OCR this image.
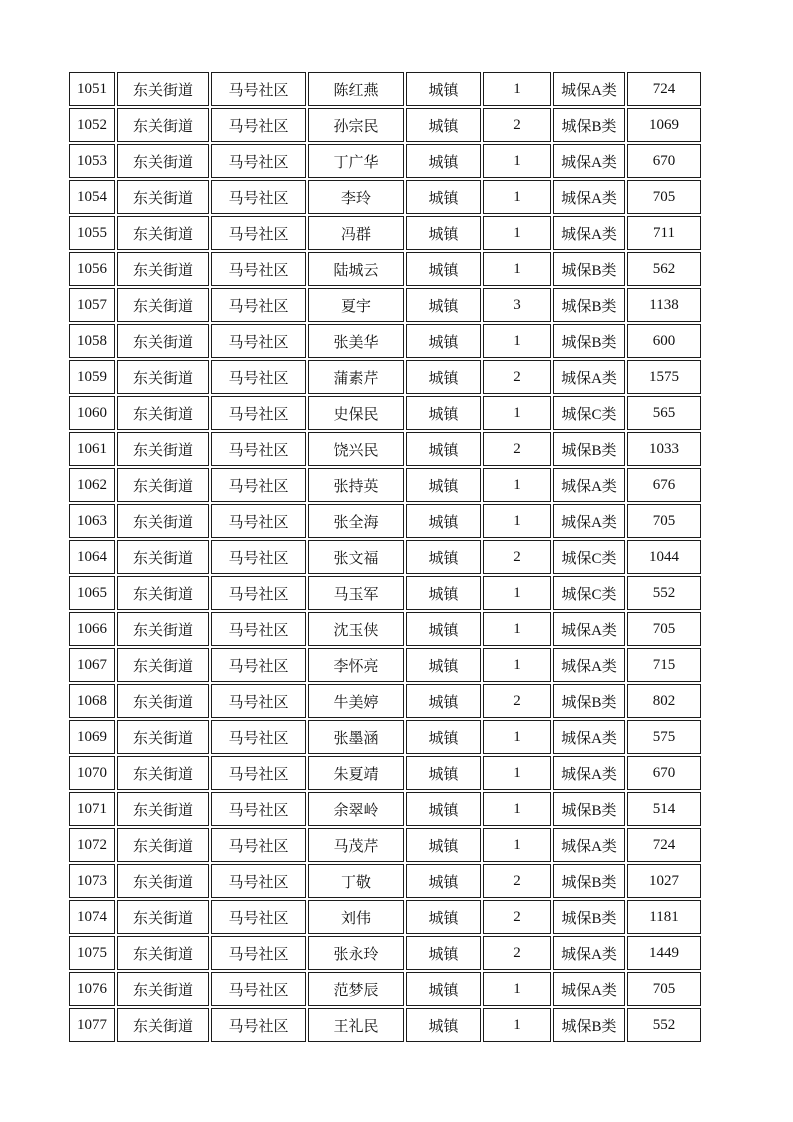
1051	东关街道	马号社区	陈红燕	城镇	1	城保A类	724
1052	东关街道	马号社区	孙宗民	城镇	2	城保B类	1069
1053	东关街道	马号社区	丁广华	城镇	1	城保A类	670
1054	东关街道	马号社区	李玲	城镇	1	城保A类	705
1055	东关街道	马号社区	冯群	城镇	1	城保A类	711
1056	东关街道	马号社区	陆城云	城镇	1	城保B类	562
1057	东关街道	马号社区	夏宇	城镇	3	城保B类	1138
1058	东关街道	马号社区	张美华	城镇	1	城保B类	600
1059	东关街道	马号社区	蒲素芹	城镇	2	城保A类	1575
1060	东关街道	马号社区	史保民	城镇	1	城保C类	565
1061	东关街道	马号社区	饶兴民	城镇	2	城保B类	1033
1062	东关街道	马号社区	张持英	城镇	1	城保A类	676
1063	东关街道	马号社区	张全海	城镇	1	城保A类	705
1064	东关街道	马号社区	张文福	城镇	2	城保C类	1044
1065	东关街道	马号社区	马玉军	城镇	1	城保C类	552
1066	东关街道	马号社区	沈玉侠	城镇	1	城保A类	705
1067	东关街道	马号社区	李怀亮	城镇	1	城保A类	715
1068	东关街道	马号社区	牛美婷	城镇	2	城保B类	802
1069	东关街道	马号社区	张墨涵	城镇	1	城保A类	575
1070	东关街道	马号社区	朱夏靖	城镇	1	城保A类	670
1071	东关街道	马号社区	余翠岭	城镇	1	城保B类	514
1072	东关街道	马号社区	马茂芹	城镇	1	城保A类	724
1073	东关街道	马号社区	丁敬	城镇	2	城保B类	1027
1074	东关街道	马号社区	刘伟	城镇	2	城保B类	1181
1075	东关街道	马号社区	张永玲	城镇	2	城保A类	1449
1076	东关街道	马号社区	范梦辰	城镇	1	城保A类	705
1077	东关街道	马号社区	王礼民	城镇	1	城保B类	552
